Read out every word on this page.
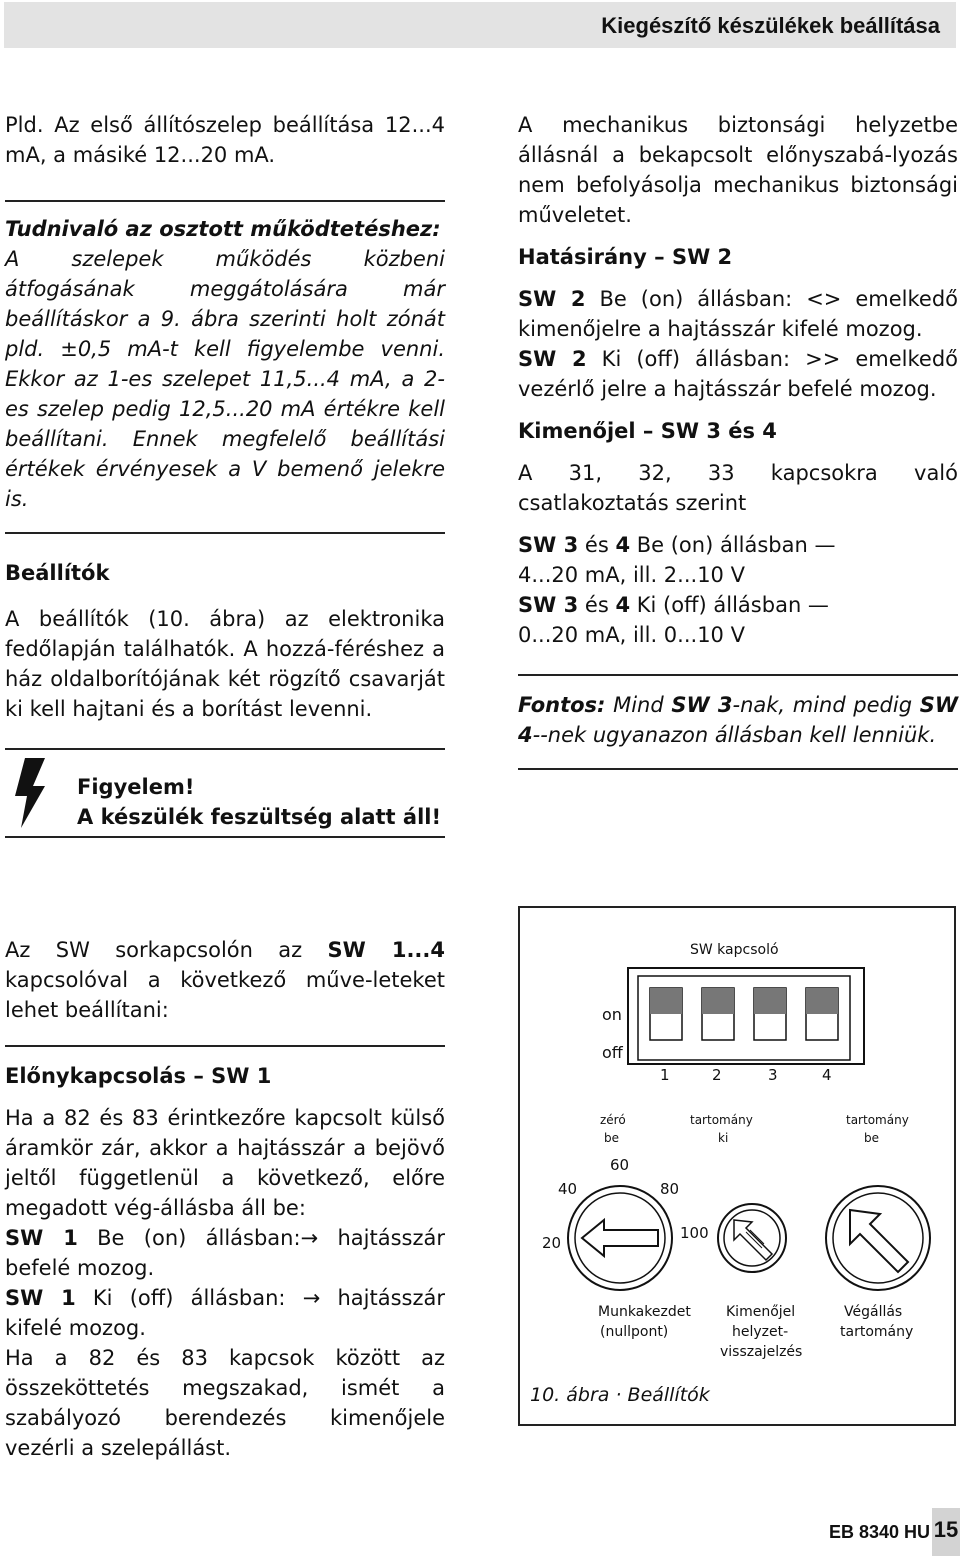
Kiegészítő készülékek beállítása

Pld. Az első állítószelep beállítása 12...4 mA, a másiké 12...20 mA.

Tudnivaló az osztott működtetéshez:

A szelepek működés közbeni átfogásának meggátolására már beállításkor a 9. ábra szerinti holt zónát pld. ±0,5 mA-t kell figyelembe venni. Ekkor az 1-es szelepet 11,5...4 mA, a 2-es szelep pedig 12,5...20 mA értékre kell beállítani. Ennek megfelelő beállítási értékek érvényesek a V bemenő jelekre is.

Beállítók

A beállítók (10. ábra) az elektronika fedőlapján találhatók. A hozzá-féréshez a ház oldalborítójának két rögzítő csavarját ki kell hajtani és a borítást levenni.

Figyelem!
A készülék feszültség alatt áll!

A mechanikus biztonsági helyzetbe állásnál a bekapcsolt előnyszabá-lyozás nem befolyásolja mechanikus biztonsági műveletet.

Hatásirány – SW 2

SW 2 Be (on) állásban: <> emelkedő kimenőjelre a hajtásszár kifelé mozog.

SW 2 Ki (off) állásban: >> emelkedő vezérlő jelre a hajtásszár befelé mozog.

Kimenőjel – SW 3 és 4

A 31, 32, 33 kapcsokra való csatlakoztatás szerint

SW 3 és 4 Be (on) állásban —

4...20 mA, ill. 2...10 V

SW 3 és 4 Ki (off) állásban —

0...20 mA, ill. 0...10 V

Fontos: Mind SW 3-nak, mind pedig SW 4--nek ugyanazon állásban kell lenniük.

Az SW sorkapcsolón az SW 1...4 kapcsolóval a következő műve-leteket lehet beállítani:

Előnykapcsolás – SW 1

Ha a 82 és 83 érintkezőre kapcsolt külső áramkör zár, akkor a hajtásszár a bejövő jeltől függetlenül a következő, előre megadott vég-állásba áll be:

SW 1 Be (on) állásban:→ hajtásszár befelé mozog.

SW 1 Ki (off) állásban: → hajtásszár kifelé mozog.

Ha a 82 és 83 kapcsok között az összeköttetés megszakad, ismét a szabályozó berendezés kimenőjele vezérli a szelepállást.

SW kapcsoló
on
off
1	2	3	4
zéró
be
tartomány
ki
tartomány
be
20
40
60
80
100
Munkakezdet
(nullpont)
Kimenőjel
helyzet-
visszajelzés
Végállás
tartomány
10. ábra · Beállítók
EB 8340 HU 15
